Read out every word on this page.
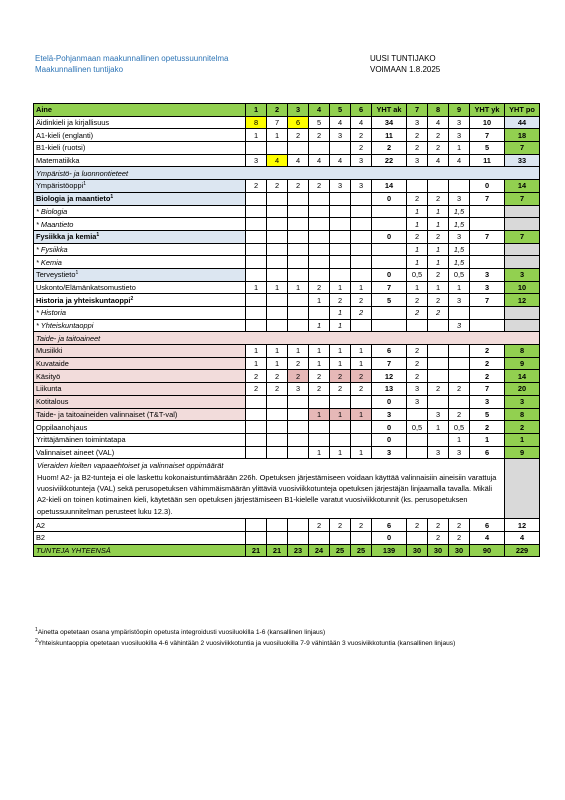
Etelä-Pohjanmaan maakunnallinen opetussuunnitelma
Maakunnallinen tuntijako
UUSI TUNTIJAKO
VOIMAAN 1.8.2025
Aine	1	2	3	4	5	6	YHT ak	7	8	9	YHT yk	YHT po
Äidinkieli ja kirjallisuus	8	7	6	5	4	4	34	3	4	3	10	44
A1-kieli (englanti)	1	1	2	2	3	2	11	2	2	3	7	18
B1-kieli (ruotsi)						2	2	2	2	1	5	7
Matematiikka	3	4	4	4	4	3	22	3	4	4	11	33
Ympäristö- ja luonnontieteet												
Ympäristöoppi$^1$	2	2	2	2	3	3	14				0	14
Biologia ja maantieto$^1$							0	2	2	3	7	7
* Biologia								1	1	1,5		
* Maantieto								1	1	1,5		
Fysiikka ja kemia$^1$							0	2	2	3	7	7
* Fysiikka								1	1	1,5		
* Kemia								1	1	1,5		
Terveystieto$^1$							0	0,5	2	0,5	3	3
Uskonto/Elämänkatsomustieto	1	1	1	2	1	1	7	1	1	1	3	10
Historia ja yhteiskuntaoppi$^2$				1	2	2	5	2	2	3	7	12
* Historia					1	2		2	2			
* Yhteiskuntaoppi				1	1					3		
Taide- ja taitoaineet												
Musiikki	1	1	1	1	1	1	6	2			2	8
Kuvataide	1	1	2	1	1	1	7	2			2	9
Käsityö	2	2	2	2	2	2	12	2			2	14
Liikunta	2	2	3	2	2	2	13	3	2	2	7	20
Kotitalous							0	3			3	3
Taide- ja taitoaineiden valinnaiset (T&T-val)				1	1	1	3		3	2	5	8
Oppilaanohjaus							0	0,5	1	0,5	2	2
Yrittäjämäinen toimintatapa							0			1	1	1
Valinnaiset aineet (VAL)				1	1	1	3		3	3	6	9

Vieraiden kielten vapaaehtoiset ja valinnaiset oppimäärät
Huom! A2- ja B2-tunteja ei ole laskettu kokonaistuntimäärään 226h. Opetuksen järjestämiseen voidaan käyttää valinnaisiin aineisiin varattuja vuosiviikkotunteja (VAL) sekä perusopetuksen vähimmäismäärän ylittäviä vuosiviikkotunteja opetuksen järjestäjän linjaamalla tavalla. Mikäli A2-kieli on toinen kotimainen kieli, käytetään sen opetuksen järjestämiseen B1-kielelle varatut vuosiviikkotunnit (ks. perusopetuksen opetussuunnitelman perusteet luku 12.3).												

A2				2	2	2	6	2	2	2	6	12
B2							0		2	2	4	4
TUNTEJA YHTEENSÄ	21	21	23	24	25	25	139	30	30	30	90	229
$^1$Ainetta opetetaan osana ympäristöopin opetusta integroidusti vuosiluokilla 1-6 (kansallinen linjaus)
$^2$Yhteiskuntaoppia opetetaan vuosiluokilla 4-6 vähintään 2 vuosiviikkotuntia ja vuosiluokilla 7-9 vähintään 3 vuosiviikkotuntia (kansallinen linjaus)
